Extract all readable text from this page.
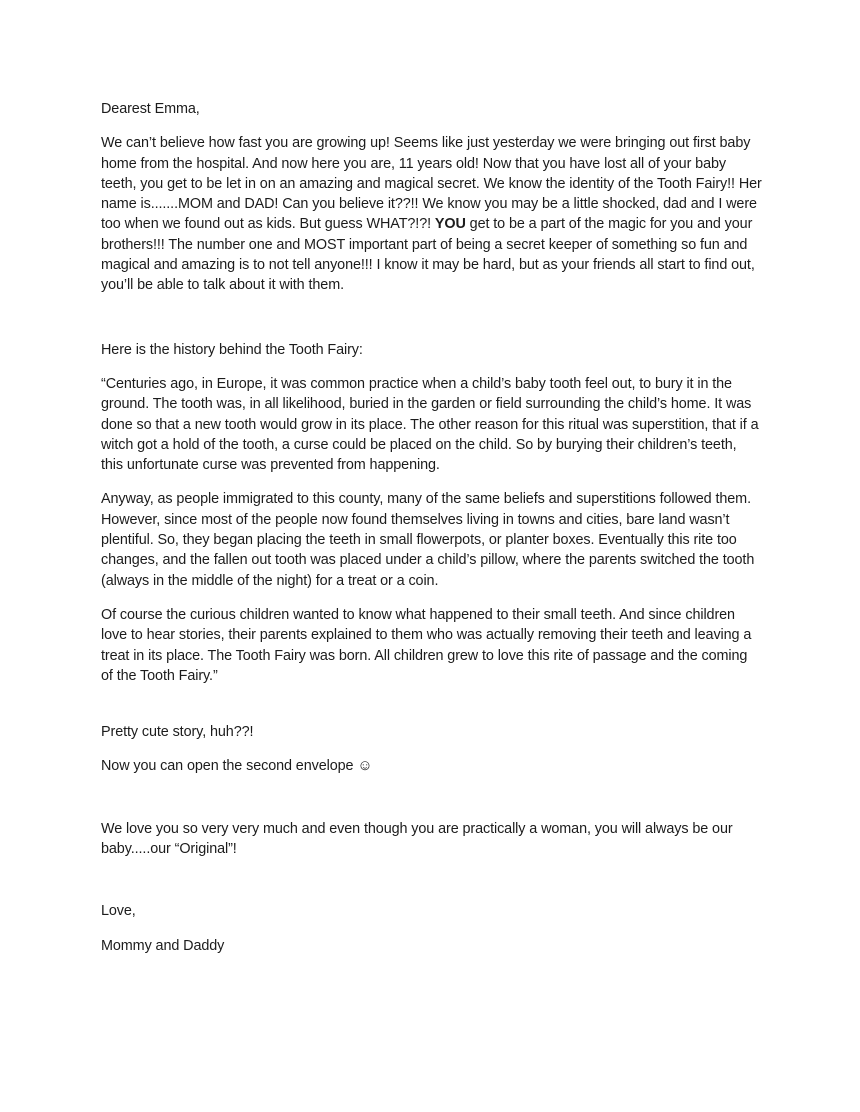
Dearest Emma,

We can’t believe how fast you are growing up! Seems like just yesterday we were bringing out first baby home from the hospital. And now here you are, 11 years old! Now that you have lost all of your baby teeth, you get to be let in on an amazing and magical secret. We know the identity of the Tooth Fairy!! Her name is.......MOM and DAD! Can you believe it??!! We know you may be a little shocked, dad and I were too when we found out as kids. But guess WHAT?!?! YOU get to be a part of the magic for you and your brothers!!! The number one and MOST important part of being a secret keeper of something so fun and magical and amazing is to not tell anyone!!! I know it may be hard, but as your friends all start to find out, you’ll be able to talk about it with them.

Here is the history behind the Tooth Fairy:

“Centuries ago, in Europe, it was common practice when a child’s baby tooth feel out, to bury it in the ground. The tooth was, in all likelihood, buried in the garden or field surrounding the child’s home. It was done so that a new tooth would grow in its place. The other reason for this ritual was superstition, that if a witch got a hold of the tooth, a curse could be placed on the child. So by burying their children’s teeth, this unfortunate curse was prevented from happening.

Anyway, as people immigrated to this county, many of the same beliefs and superstitions followed them. However, since most of the people now found themselves living in towns and cities, bare land wasn’t plentiful. So, they began placing the teeth in small flowerpots, or planter boxes. Eventually this rite too changes, and the fallen out tooth was placed under a child’s pillow, where the parents switched the tooth (always in the middle of the night) for a treat or a coin.

Of course the curious children wanted to know what happened to their small teeth. And since children love to hear stories, their parents explained to them who was actually removing their teeth and leaving a treat in its place. The Tooth Fairy was born. All children grew to love this rite of passage and the coming of the Tooth Fairy.”

Pretty cute story, huh??!

Now you can open the second envelope ☺

We love you so very very much and even though you are practically a woman, you will always be our baby.....our “Original”!

Love,

Mommy and Daddy
